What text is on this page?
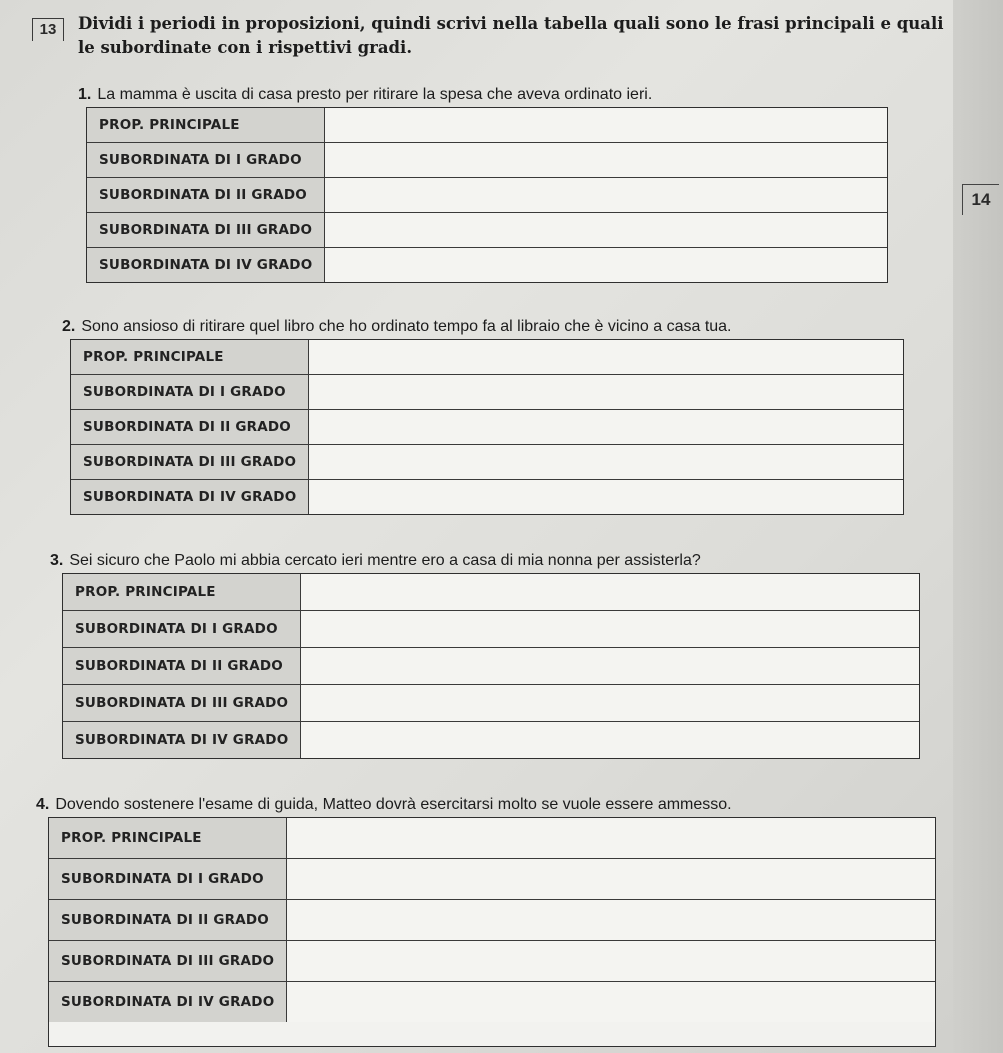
13	Dividi i periodi in proposizioni, quindi scrivi nella tabella quali sono le frasi principali e quali le subordinate con i rispettivi gradi.
14
1. La mamma è uscita di casa presto per ritirare la spesa che aveva ordinato ieri.
PROP. PRINCIPALE
SUBORDINATA DI I GRADO
SUBORDINATA DI II GRADO
SUBORDINATA DI III GRADO
SUBORDINATA DI IV GRADO
2. Sono ansioso di ritirare quel libro che ho ordinato tempo fa al libraio che è vicino a casa tua.
PROP. PRINCIPALE
SUBORDINATA DI I GRADO
SUBORDINATA DI II GRADO
SUBORDINATA DI III GRADO
SUBORDINATA DI IV GRADO
3. Sei sicuro che Paolo mi abbia cercato ieri mentre ero a casa di mia nonna per assisterla?
PROP. PRINCIPALE
SUBORDINATA DI I GRADO
SUBORDINATA DI II GRADO
SUBORDINATA DI III GRADO
SUBORDINATA DI IV GRADO
4. Dovendo sostenere l'esame di guida, Matteo dovrà esercitarsi molto se vuole essere ammesso.
PROP. PRINCIPALE
SUBORDINATA DI I GRADO
SUBORDINATA DI II GRADO
SUBORDINATA DI III GRADO
SUBORDINATA DI IV GRADO
